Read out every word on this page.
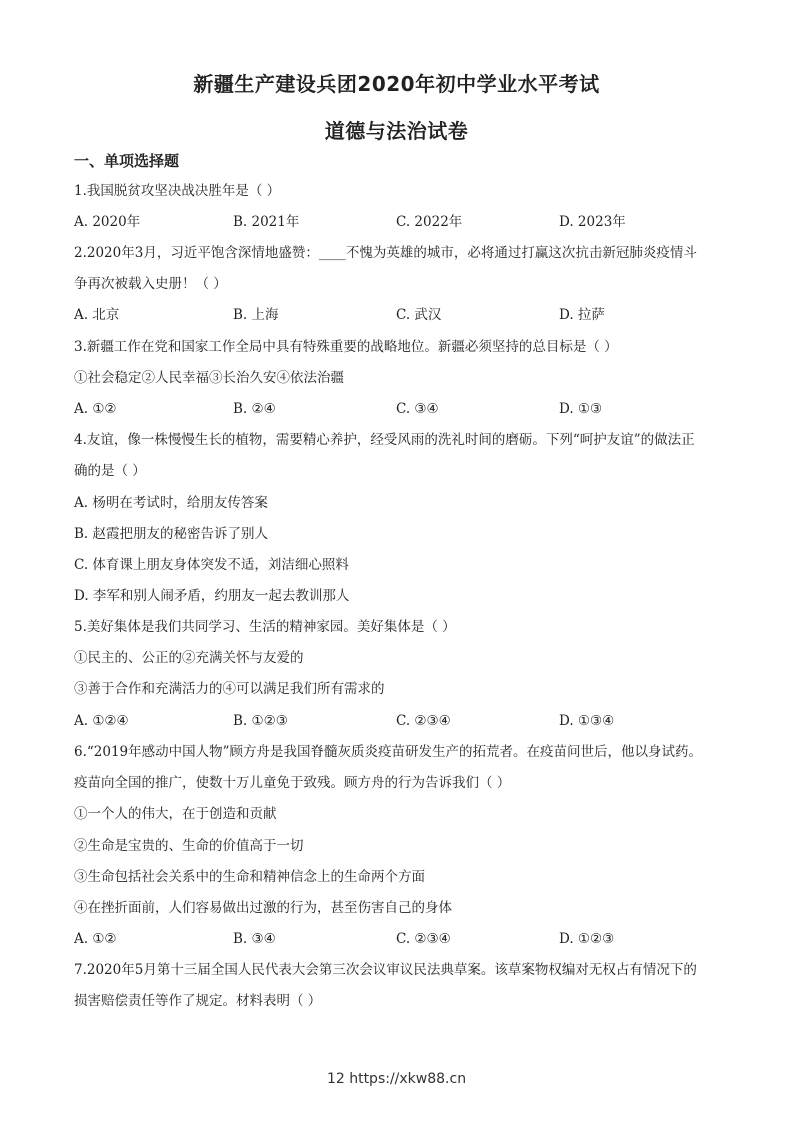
新疆生产建设兵团2020年初中学业水平考试
道德与法治试卷
一、单项选择题
1.我国脱贫攻坚决战决胜年是（ ）
A. 2020年	B. 2021年	C. 2022年	D. 2023年
2.2020年3月，习近平饱含深情地盛赞：____不愧为英雄的城市，必将通过打赢这次抗击新冠肺炎疫情斗
争再次被载入史册！（ ）
A. 北京	B. 上海	C. 武汉	D. 拉萨
3.新疆工作在党和国家工作全局中具有特殊重要的战略地位。新疆必须坚持的总目标是（ ）
①社会稳定②人民幸福③长治久安④依法治疆
A. ①②	B. ②④	C. ③④	D. ①③
4.友谊，像一株慢慢生长的植物，需要精心养护，经受风雨的洗礼时间的磨砺。下列“呵护友谊”的做法正
确的是（ ）
A. 杨明在考试时，给朋友传答案
B. 赵霞把朋友的秘密告诉了别人
C. 体育课上朋友身体突发不适，刘洁细心照料
D. 李军和别人闹矛盾，约朋友一起去教训那人
5.美好集体是我们共同学习、生活的精神家园。美好集体是（ ）
①民主的、公正的②充满关怀与友爱的
③善于合作和充满活力的④可以满足我们所有需求的
A. ①②④	B. ①②③	C. ②③④	D. ①③④
6.“2019年感动中国人物”顾方舟是我国脊髓灰质炎疫苗研发生产的拓荒者。在疫苗问世后，他以身试药。
疫苗向全国的推广，使数十万儿童免于致残。顾方舟的行为告诉我们（ ）
①一个人的伟大，在于创造和贡献
②生命是宝贵的、生命的价值高于一切
③生命包括社会关系中的生命和精神信念上的生命两个方面
④在挫折面前，人们容易做出过激的行为，甚至伤害自己的身体
A. ①②	B. ③④	C. ②③④	D. ①②③
7.2020年5月第十三届全国人民代表大会第三次会议审议民法典草案。该草案物权编对无权占有情况下的
损害赔偿责任等作了规定。材料表明（ ）
12 https://xkw88.cn
